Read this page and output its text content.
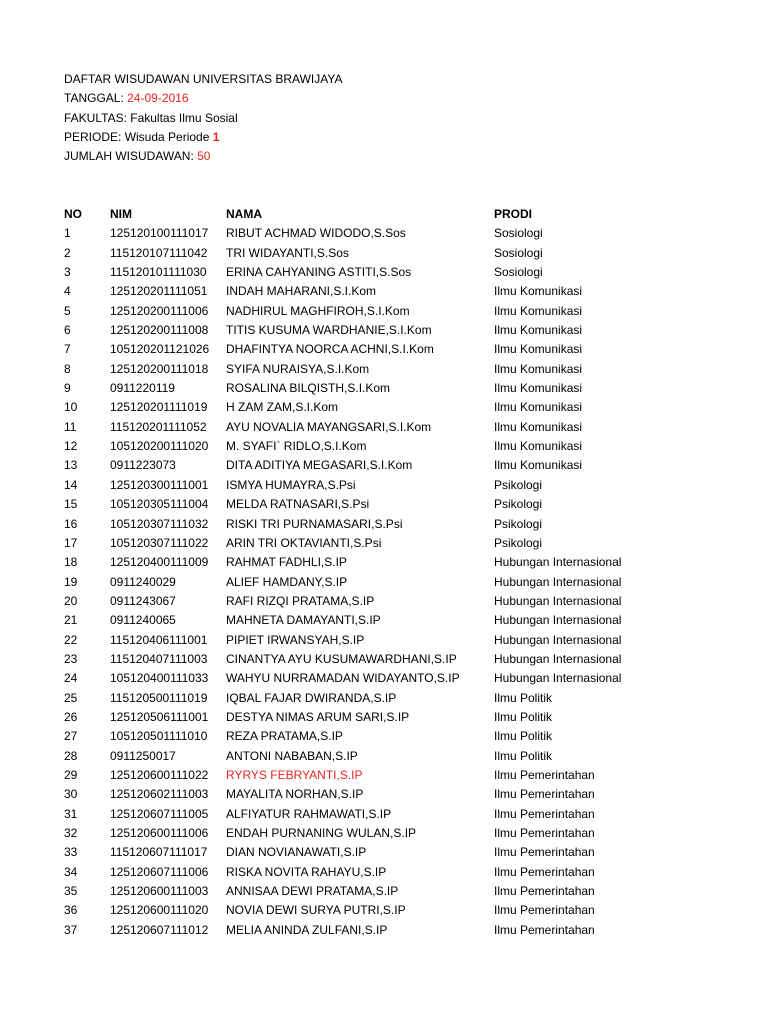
DAFTAR WISUDAWAN UNIVERSITAS BRAWIJAYA
TANGGAL: 24-09-2016
FAKULTAS: Fakultas Ilmu Sosial
PERIODE: Wisuda Periode 1
JUMLAH WISUDAWAN: 50
NO NIM	NAMA	PRODI
1	125120100111017 RIBUT ACHMAD WIDODO,S.Sos	Sosiologi
2	115120107111042 TRI WIDAYANTI,S.Sos	Sosiologi
3	115120101111030 ERINA CAHYANING ASTITI,S.Sos	Sosiologi
4	125120201111051 INDAH MAHARANI,S.I.Kom	Ilmu Komunikasi
5	125120200111006 NADHIRUL MAGHFIROH,S.I.Kom	Ilmu Komunikasi
6	125120200111008 TITIS KUSUMA WARDHANIE,S.I.Kom	Ilmu Komunikasi
7	105120201121026 DHAFINTYA NOORCA ACHNI,S.I.Kom	Ilmu Komunikasi
8	125120200111018 SYIFA NURAISYA,S.I.Kom	Ilmu Komunikasi
9	0911220119	ROSALINA BILQISTH,S.I.Kom	Ilmu Komunikasi
10	125120201111019 H ZAM ZAM,S.I.Kom	Ilmu Komunikasi
11	115120201111052 AYU NOVALIA MAYANGSARI,S.I.Kom	Ilmu Komunikasi
12	105120200111020 M. SYAFI` RIDLO,S.I.Kom	Ilmu Komunikasi
13	0911223073	DITA ADITIYA MEGASARI,S.I.Kom	Ilmu Komunikasi
14	125120300111001 ISMYA HUMAYRA,S.Psi	Psikologi
15	105120305111004 MELDA RATNASARI,S.Psi	Psikologi
16	105120307111032 RISKI TRI PURNAMASARI,S.Psi	Psikologi
17	105120307111022 ARIN TRI OKTAVIANTI,S.Psi	Psikologi
18	125120400111009 RAHMAT FADHLI,S.IP	Hubungan Internasional
19	0911240029	ALIEF HAMDANY,S.IP	Hubungan Internasional
20	0911243067	RAFI RIZQI PRATAMA,S.IP	Hubungan Internasional
21	0911240065	MAHNETA DAMAYANTI,S.IP	Hubungan Internasional
22	115120406111001 PIPIET IRWANSYAH,S.IP	Hubungan Internasional
23	115120407111003 CINANTYA AYU KUSUMAWARDHANI,S.IP	Hubungan Internasional
24	105120400111033 WAHYU NURRAMADAN WIDAYANTO,S.IP	Hubungan Internasional
25	115120500111019 IQBAL FAJAR DWIRANDA,S.IP	Ilmu Politik
26	125120506111001 DESTYA NIMAS ARUM SARI,S.IP	Ilmu Politik
27	105120501111010 REZA PRATAMA,S.IP	Ilmu Politik
28	0911250017	ANTONI NABABAN,S.IP	Ilmu Politik
29	125120600111022 RYRYS FEBRYANTI,S.IP	Ilmu Pemerintahan
30	125120602111003 MAYALITA NORHAN,S.IP	Ilmu Pemerintahan
31	125120607111005 ALFIYATUR RAHMAWATI,S.IP	Ilmu Pemerintahan
32	125120600111006 ENDAH PURNANING WULAN,S.IP	Ilmu Pemerintahan
33	115120607111017 DIAN NOVIANAWATI,S.IP	Ilmu Pemerintahan
34	125120607111006 RISKA NOVITA RAHAYU,S.IP	Ilmu Pemerintahan
35	125120600111003 ANNISAA DEWI PRATAMA,S.IP	Ilmu Pemerintahan
36	125120600111020 NOVIA DEWI SURYA PUTRI,S.IP	Ilmu Pemerintahan
37	125120607111012 MELIA ANINDA ZULFANI,S.IP	Ilmu Pemerintahan
